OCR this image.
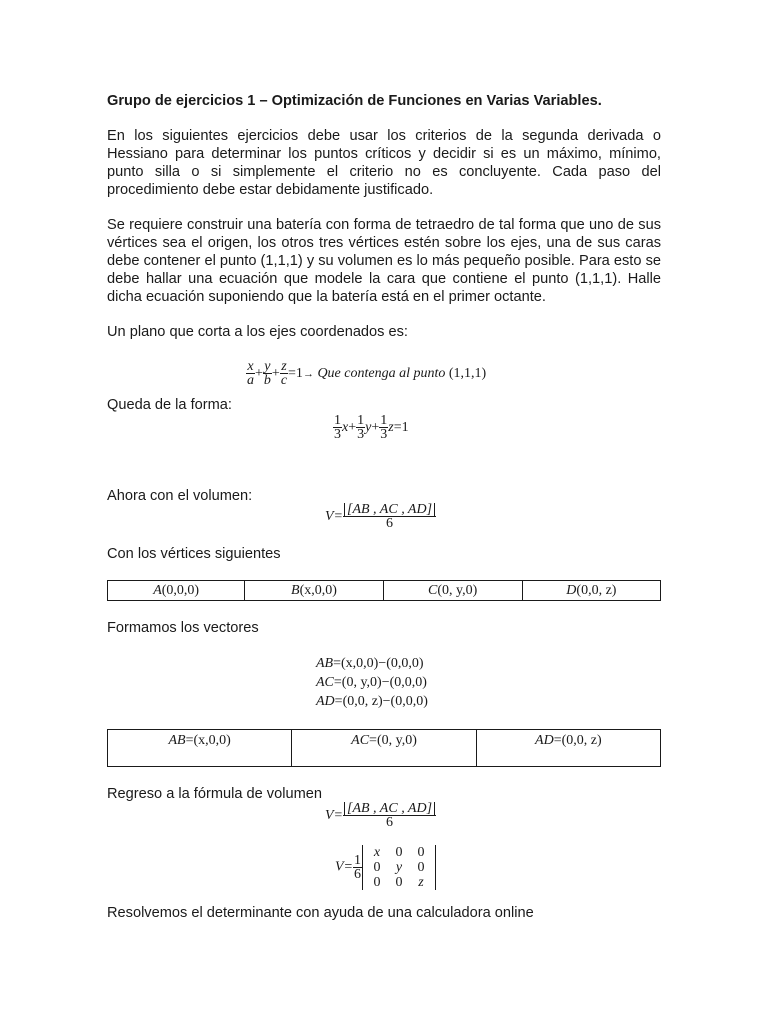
Grupo de ejercicios 1 – Optimización de Funciones en Varias Variables.
En los siguientes ejercicios debe usar los criterios de la segunda derivada o Hessiano para determinar los puntos críticos y decidir si es un máximo, mínimo, punto silla o si simplemente el criterio no es concluyente. Cada paso del procedimiento debe estar debidamente justificado.
Se requiere construir una batería con forma de tetraedro de tal forma que uno de sus vértices sea el origen, los otros tres vértices estén sobre los ejes, una de sus caras debe contener el punto (1,1,1) y su volumen es lo más pequeño posible. Para esto se debe hallar una ecuación que modele la cara que contiene el punto (1,1,1). Halle dicha ecuación suponiendo que la batería está en el primer octante.
Un plano que corta a los ejes coordenados es:
$\frac{x}{a} + \frac{y}{b} + \frac{z}{c} =1\to$ Que contenga al punto (1,1,1)
Queda de la forma:
$\frac{1}{3} x+ \frac{1}{3} y+ \frac{1}{3} z=1$
Ahora con el volumen:
$V= \frac{[AB , AC , AD]}{6}$
Con los vértices siguientes
A(0,0,0)	B(x,0,0)	C(0, y,0)	D(0,0, z)
Formamos los vectores
AB=(x,0,0)−(0,0,0)
AC=(0, y,0)−(0,0,0)
AD=(0,0, z)−(0,0,0)
AB=(x,0,0)	AC=(0, y,0)	AD=(0,0, z)
Regreso a la fórmula de volumen
$V= \frac{[AB , AC , AD]}{6}$
$V= \frac{1}{6}$
x	0	0
0	y	0
0	0	z
Resolvemos el determinante con ayuda de una calculadora online
